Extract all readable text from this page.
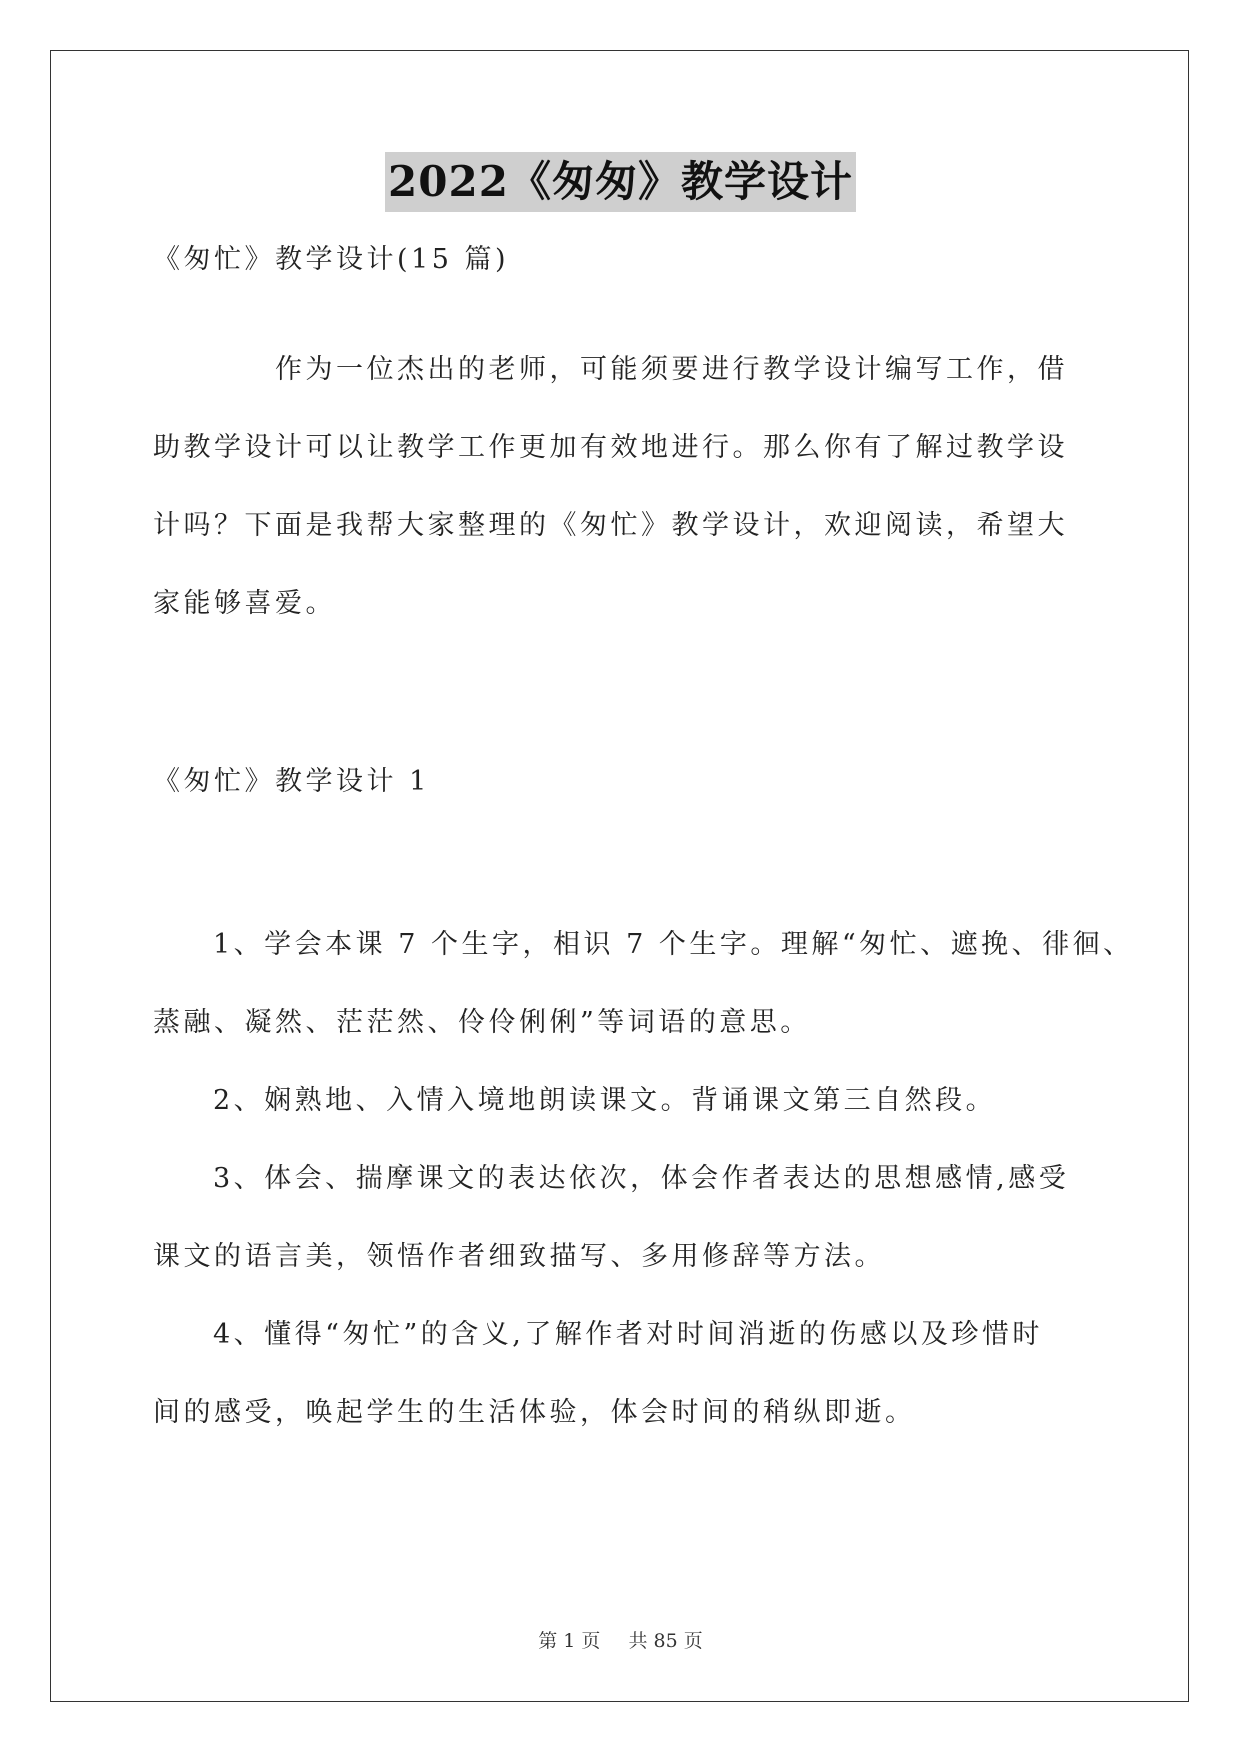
2022《匆匆》教学设计

《匆忙》教学设计(15 篇)

作为一位杰出的老师，可能须要进行教学设计编写工作，借

助教学设计可以让教学工作更加有效地进行。那么你有了解过教学设

计吗？下面是我帮大家整理的《匆忙》教学设计，欢迎阅读，希望大

家能够喜爱。

《匆忙》教学设计 1

1、学会本课 7 个生字，相识 7 个生字。理解“匆忙、遮挽、徘徊、

蒸融、凝然、茫茫然、伶伶俐俐”等词语的意思。

2、娴熟地、入情入境地朗读课文。背诵课文第三自然段。

3、体会、揣摩课文的表达依次，体会作者表达的思想感情,感受

课文的语言美，领悟作者细致描写、多用修辞等方法。

4、懂得“匆忙”的含义,了解作者对时间消逝的伤感以及珍惜时

间的感受，唤起学生的生活体验，体会时间的稍纵即逝。

第 1 页 共 85 页
